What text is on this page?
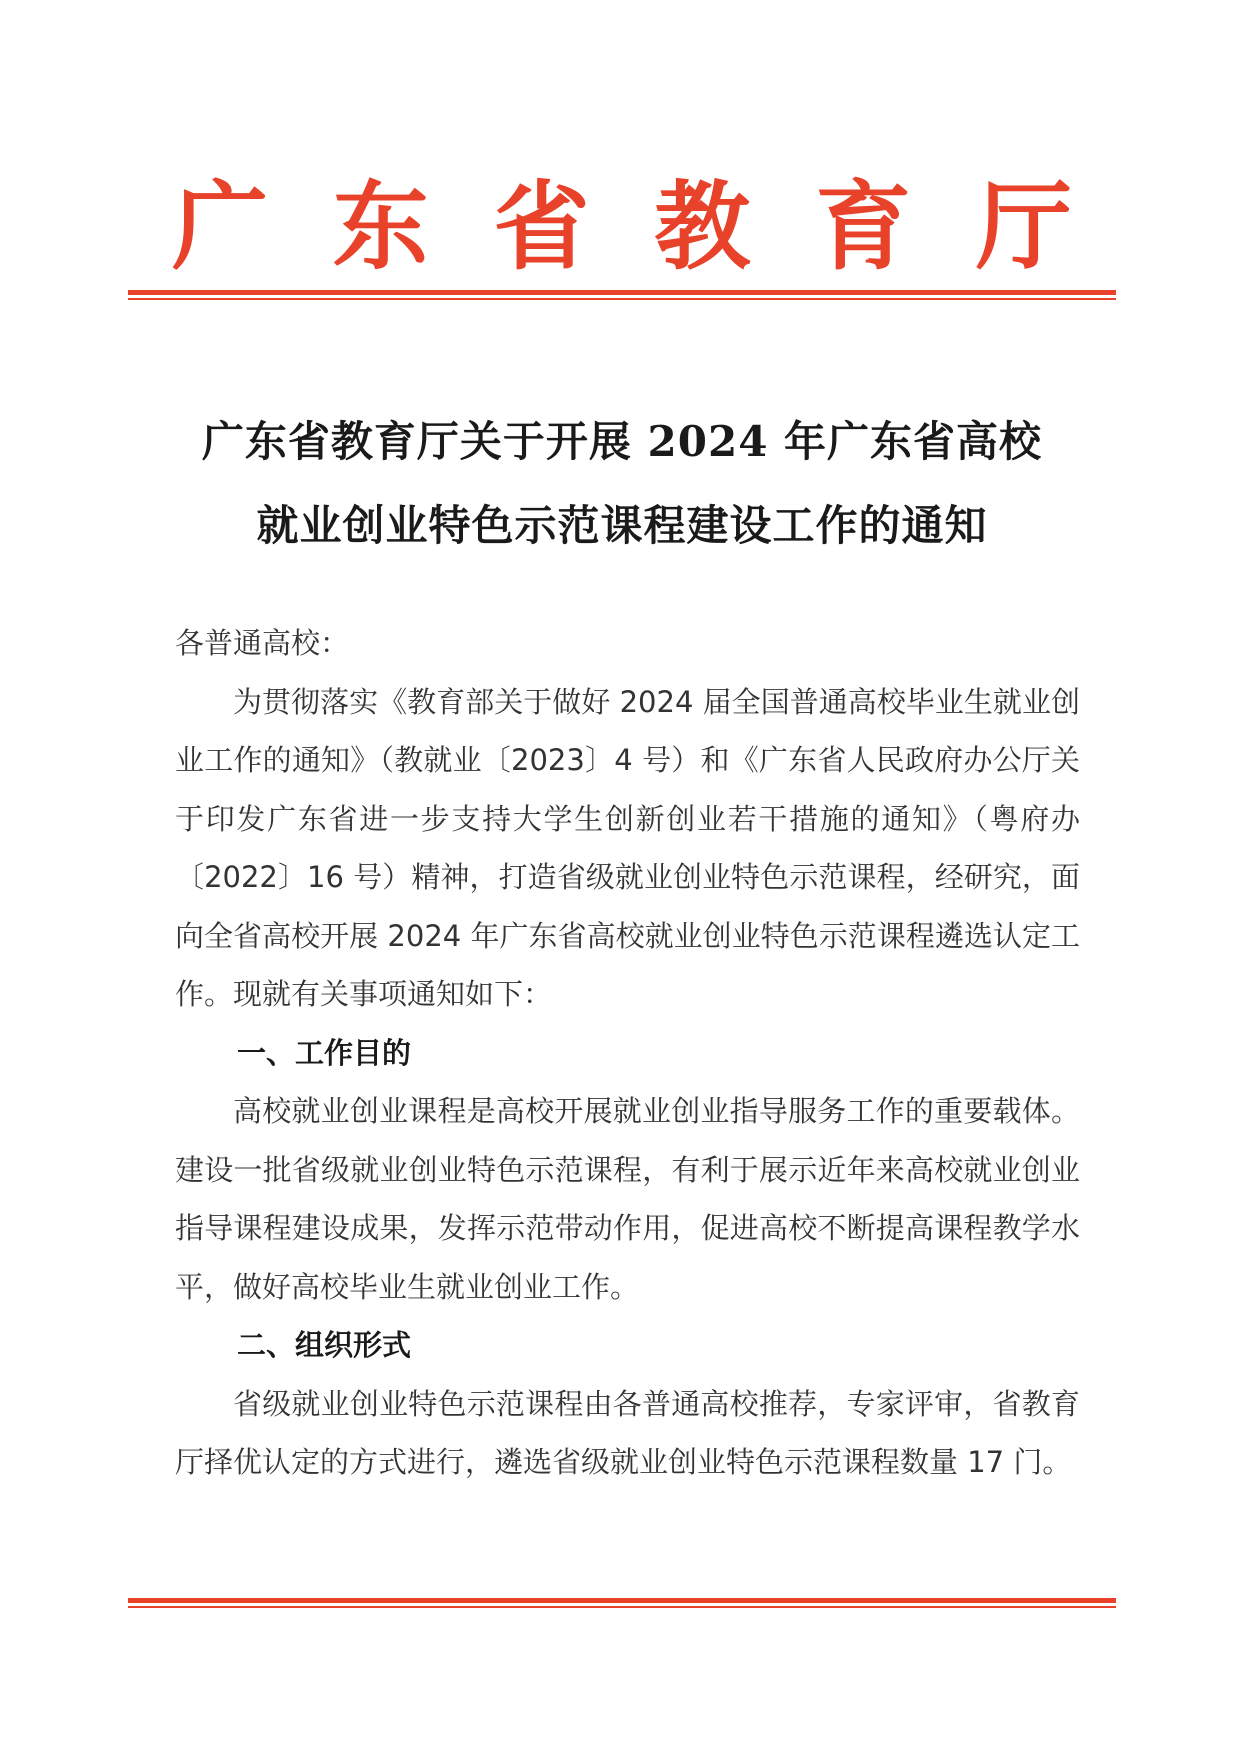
广 东 省 教 育 厅
广东省教育厅关于开展 2024 年广东省高校
就业创业特色示范课程建设工作的通知

各普通高校：

为贯彻落实《教育部关于做好 2024 届全国普通高校毕业生就业创业工作的通知》（教就业〔2023〕4 号）和《广东省人民政府办公厅关于印发广东省进一步支持大学生创新创业若干措施的通知》（粤府办〔2022〕16 号）精神，打造省级就业创业特色示范课程，经研究，面向全省高校开展 2024 年广东省高校就业创业特色示范课程遴选认定工作。现就有关事项通知如下：

一、工作目的

高校就业创业课程是高校开展就业创业指导服务工作的重要载体。建设一批省级就业创业特色示范课程，有利于展示近年来高校就业创业指导课程建设成果，发挥示范带动作用，促进高校不断提高课程教学水平，做好高校毕业生就业创业工作。

二、组织形式

省级就业创业特色示范课程由各普通高校推荐，专家评审，省教育厅择优认定的方式进行，遴选省级就业创业特色示范课程数量 17 门。
